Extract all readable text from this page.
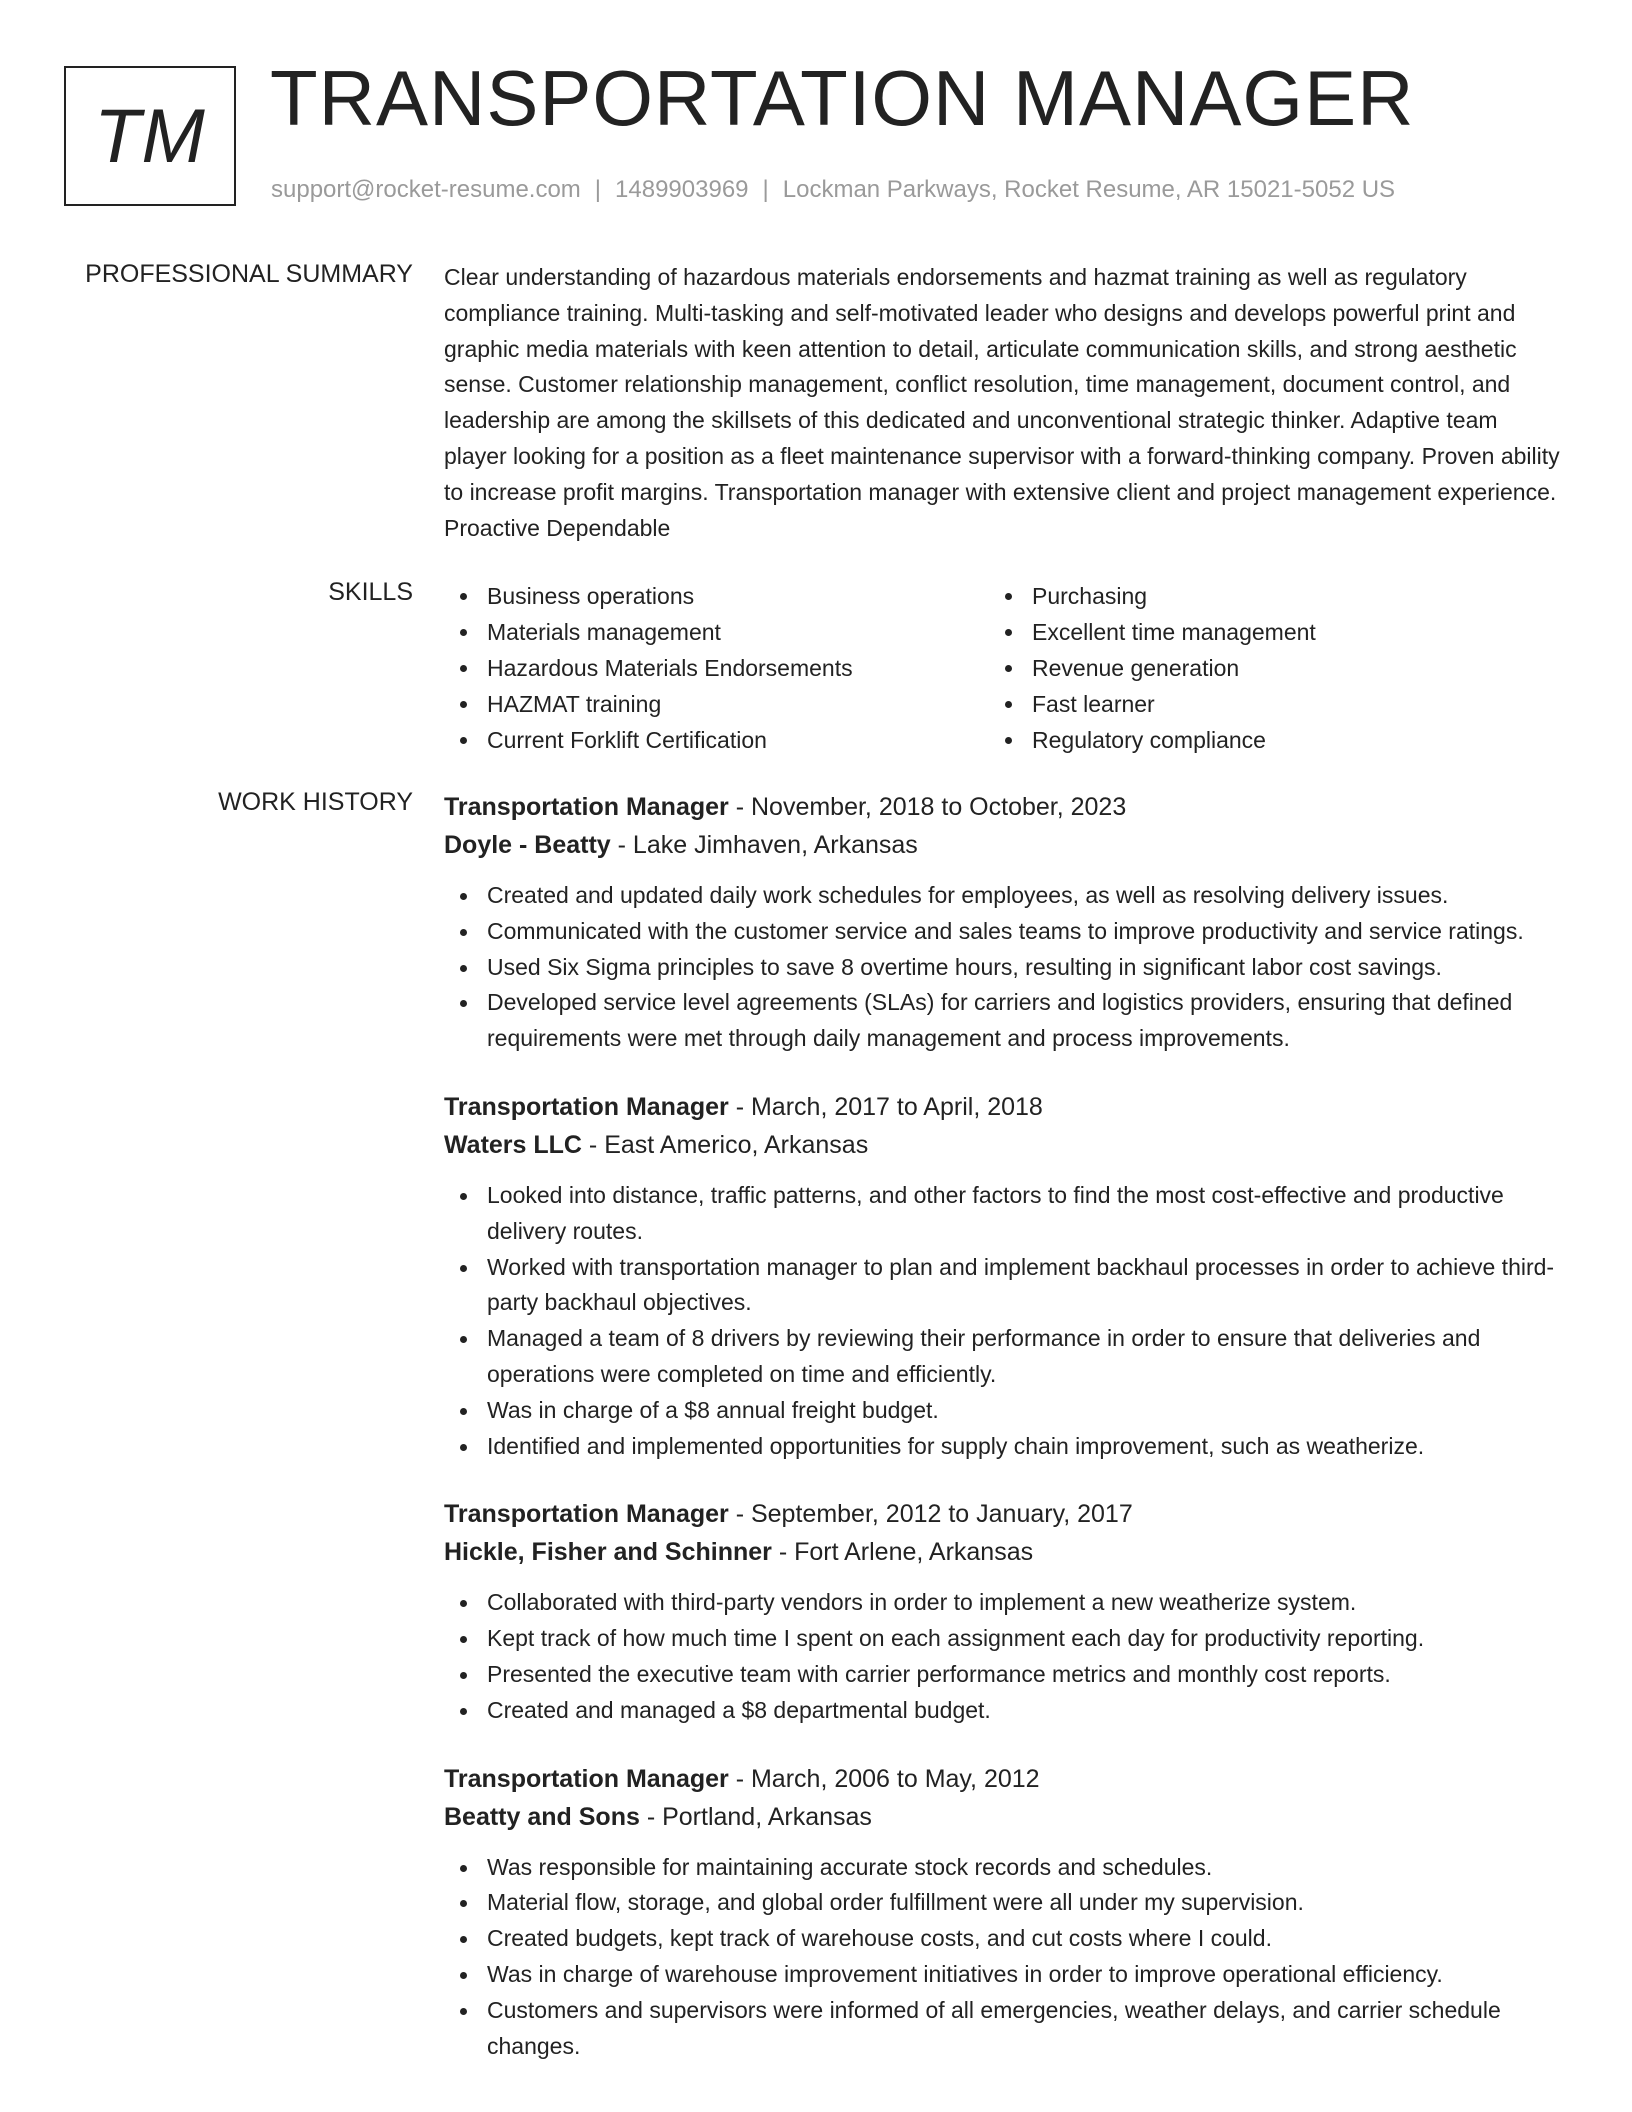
TM TRANSPORTATION MANAGER
support@rocket-resume.com | 1489903969 | Lockman Parkways, Rocket Resume, AR 15021-5052 US
PROFESSIONAL SUMMARY Clear understanding of hazardous materials endorsements and hazmat training as well as regulatory compliance training. Multi-tasking and self-motivated leader who designs and develops powerful print and graphic media materials with keen attention to detail, articulate communication skills, and strong aesthetic sense. Customer relationship management, conflict resolution, time management, document control, and leadership are among the skillsets of this dedicated and unconventional strategic thinker. Adaptive team player looking for a position as a fleet maintenance supervisor with a forward-thinking company. Proven ability to increase profit margins. Transportation manager with extensive client and project management experience. Proactive Dependable
SKILLS	Business operations
Materials management
Hazardous Materials Endorsements
HAZMAT training
Current Forklift Certification
Purchasing
Excellent time management
Revenue generation
Fast learner
Regulatory compliance
WORK HISTORY Transportation Manager - November, 2018 to October, 2023
Doyle - Beatty - Lake Jimhaven, Arkansas
Created and updated daily work schedules for employees, as well as resolving delivery issues.
Communicated with the customer service and sales teams to improve productivity and service ratings.
Used Six Sigma principles to save 8 overtime hours, resulting in significant labor cost savings.
Developed service level agreements (SLAs) for carriers and logistics providers, ensuring that defined requirements were met through daily management and process improvements.
Transportation Manager - March, 2017 to April, 2018
Waters LLC - East Americo, Arkansas
Looked into distance, traffic patterns, and other factors to find the most cost-effective and productive delivery routes.
Worked with transportation manager to plan and implement backhaul processes in order to achieve third-party backhaul objectives.
Managed a team of 8 drivers by reviewing their performance in order to ensure that deliveries and operations were completed on time and efficiently.
Was in charge of a $8 annual freight budget.
Identified and implemented opportunities for supply chain improvement, such as weatherize.
Transportation Manager - September, 2012 to January, 2017
Hickle, Fisher and Schinner - Fort Arlene, Arkansas
Collaborated with third-party vendors in order to implement a new weatherize system.
Kept track of how much time I spent on each assignment each day for productivity reporting.
Presented the executive team with carrier performance metrics and monthly cost reports.
Created and managed a $8 departmental budget.
Transportation Manager - March, 2006 to May, 2012
Beatty and Sons - Portland, Arkansas
Was responsible for maintaining accurate stock records and schedules.
Material flow, storage, and global order fulfillment were all under my supervision.
Created budgets, kept track of warehouse costs, and cut costs where I could.
Was in charge of warehouse improvement initiatives in order to improve operational efficiency.
Customers and supervisors were informed of all emergencies, weather delays, and carrier schedule changes.
